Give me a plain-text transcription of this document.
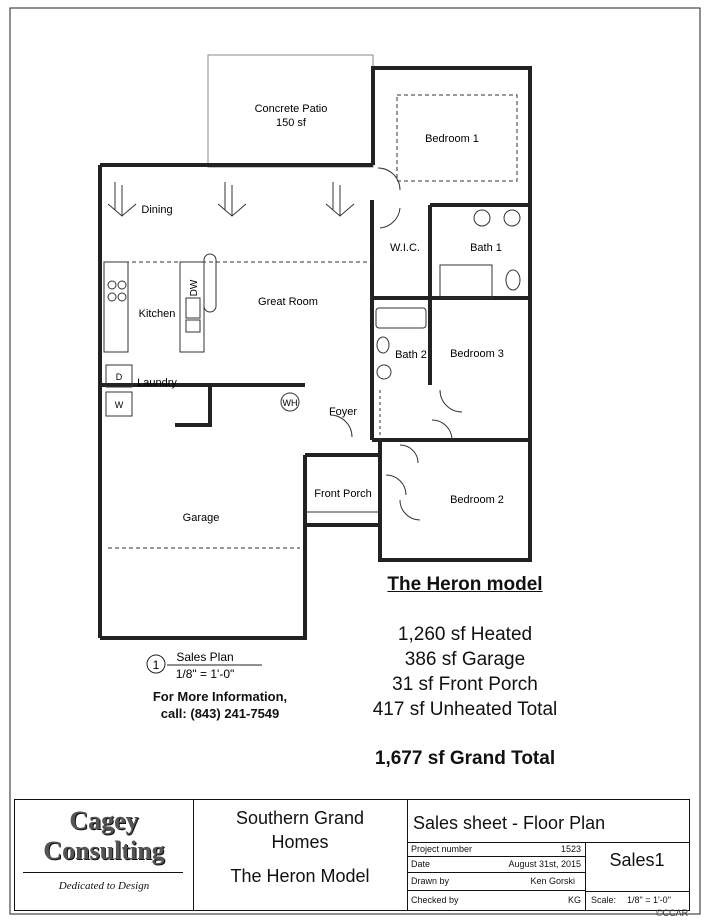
Concrete Patio
150 sf
Bedroom 1
W.I.C.	Bath 1
Dining
Great Room
Kitchen
DW
Laundry
D
W
Bath 2 Bedroom 3
Foyer
WH
Front Porch	Bedroom 2
Garage
1
Sales Plan
1/8" = 1'-0"
For More Information,
call: (843) 241-7549
The Heron model
1,260 sf Heated
386 sf Garage
31 sf Front Porch
417 sf Unheated Total
1,677 sf Grand Total
Cagey
Consulting
Dedicated to Design
Southern Grand
Homes
The Heron Model
Sales sheet - Floor Plan
Project number	1523
Date	August 31st, 2015
Drawn by	Ken Gorski
Checked by	KG
Sales1
Scale: 1/8" = 1'-0"
©CCAR
